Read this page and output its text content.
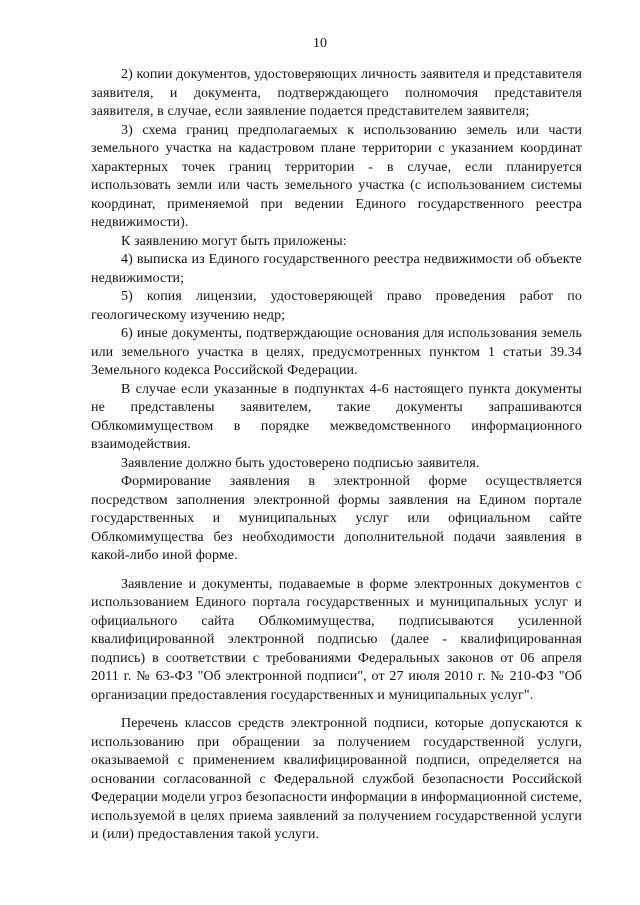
10

2) копии документов, удостоверяющих личность заявителя и представителя заявителя, и документа, подтверждающего полномочия представителя заявителя, в случае, если заявление подается представителем заявителя;

3) схема границ предполагаемых к использованию земель или части земельного участка на кадастровом плане территории с указанием координат характерных точек границ территории - в случае, если планируется использовать земли или часть земельного участка (с использованием системы координат, применяемой при ведении Единого государственного реестра недвижимости).

К заявлению могут быть приложены:

4) выписка из Единого государственного реестра недвижимости об объекте недвижимости;

5) копия лицензии, удостоверяющей право проведения работ по геологическому изучению недр;

6) иные документы, подтверждающие основания для использования земель или земельного участка в целях, предусмотренных пунктом 1 статьи 39.34 Земельного кодекса Российской Федерации.

В случае если указанные в подпунктах 4-6 настоящего пункта документы не представлены заявителем, такие документы запрашиваются Облкомимуществом в порядке межведомственного информационного взаимодействия.

Заявление должно быть удостоверено подписью заявителя.

Формирование заявления в электронной форме осуществляется посредством заполнения электронной формы заявления на Едином портале государственных и муниципальных услуг или официальном сайте Облкомимущества без необходимости дополнительной подачи заявления в какой-либо иной форме.

Заявление и документы, подаваемые в форме электронных документов с использованием Единого портала государственных и муниципальных услуг и официального сайта Облкомимущества, подписываются усиленной квалифицированной электронной подписью (далее - квалифицированная подпись) в соответствии с требованиями Федеральных законов от 06 апреля 2011 г. № 63-ФЗ "Об электронной подписи", от 27 июля 2010 г. № 210-ФЗ "Об организации предоставления государственных и муниципальных услуг".

Перечень классов средств электронной подписи, которые допускаются к использованию при обращении за получением государственной услуги, оказываемой с применением квалифицированной подписи, определяется на основании согласованной с Федеральной службой безопасности Российской Федерации модели угроз безопасности информации в информационной системе, используемой в целях приема заявлений за получением государственной услуги и (или) предоставления такой услуги.
